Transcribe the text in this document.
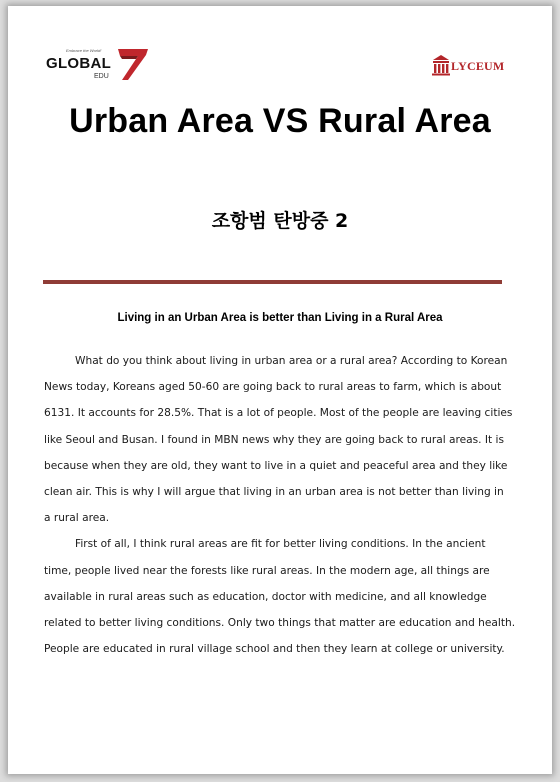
Embrace the World!
GLOBAL
EDU
LYCEUM
Urban Area VS Rural Area
조항범 탄방중 2
Living in an Urban Area is better than Living in a Rural Area
What do you think about living in urban area or a rural area? According to Korean
News today, Koreans aged 50-60 are going back to rural areas to farm, which is about
6131. It accounts for 28.5%. That is a lot of people. Most of the people are leaving cities
like Seoul and Busan. I found in MBN news why they are going back to rural areas. It is
because when they are old, they want to live in a quiet and peaceful area and they like
clean air. This is why I will argue that living in an urban area is not better than living in
a rural area.
First of all, I think rural areas are fit for better living conditions. In the ancient
time, people lived near the forests like rural areas. In the modern age, all things are
available in rural areas such as education, doctor with medicine, and all knowledge
related to better living conditions. Only two things that matter are education and health.
People are educated in rural village school and then they learn at college or university.
